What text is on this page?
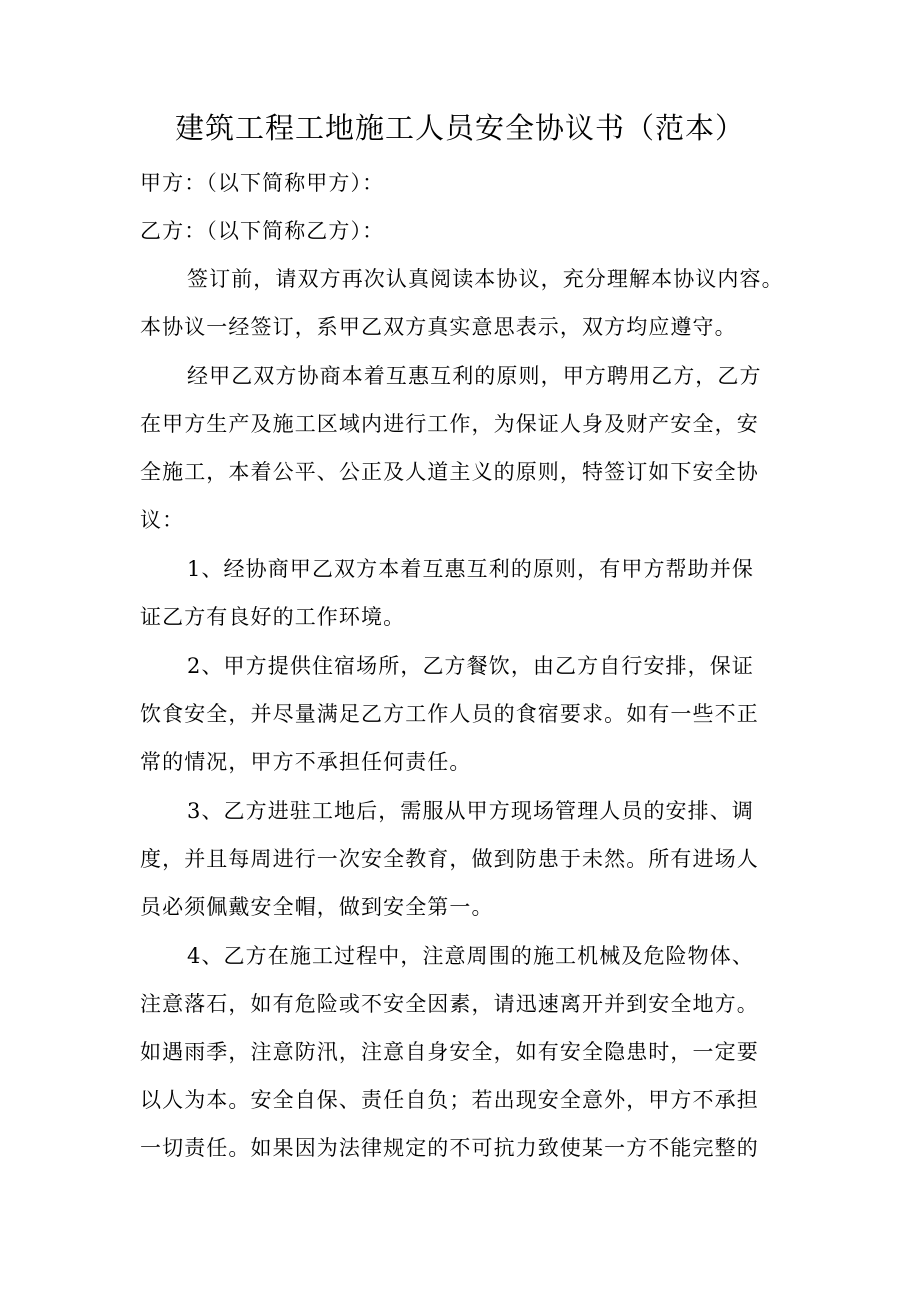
建筑工程工地施工人员安全协议书（范本）
甲方：（以下简称甲方）：
乙方：（以下简称乙方）：
签订前，请双方再次认真阅读本协议，充分理解本协议内容。
本协议一经签订，系甲乙双方真实意思表示，双方均应遵守。
经甲乙双方协商本着互惠互利的原则，甲方聘用乙方，乙方
在甲方生产及施工区域内进行工作，为保证人身及财产安全，安
全施工，本着公平、公正及人道主义的原则，特签订如下安全协
议：
1、经协商甲乙双方本着互惠互利的原则，有甲方帮助并保
证乙方有良好的工作环境。
2、甲方提供住宿场所，乙方餐饮，由乙方自行安排，保证
饮食安全，并尽量满足乙方工作人员的食宿要求。如有一些不正
常的情况，甲方不承担任何责任。
3、乙方进驻工地后，需服从甲方现场管理人员的安排、调
度，并且每周进行一次安全教育，做到防患于未然。所有进场人
员必须佩戴安全帽，做到安全第一。
4、乙方在施工过程中，注意周围的施工机械及危险物体、
注意落石，如有危险或不安全因素，请迅速离开并到安全地方。
如遇雨季，注意防汛，注意自身安全，如有安全隐患时，一定要
以人为本。安全自保、责任自负；若出现安全意外，甲方不承担
一切责任。如果因为法律规定的不可抗力致使某一方不能完整的
